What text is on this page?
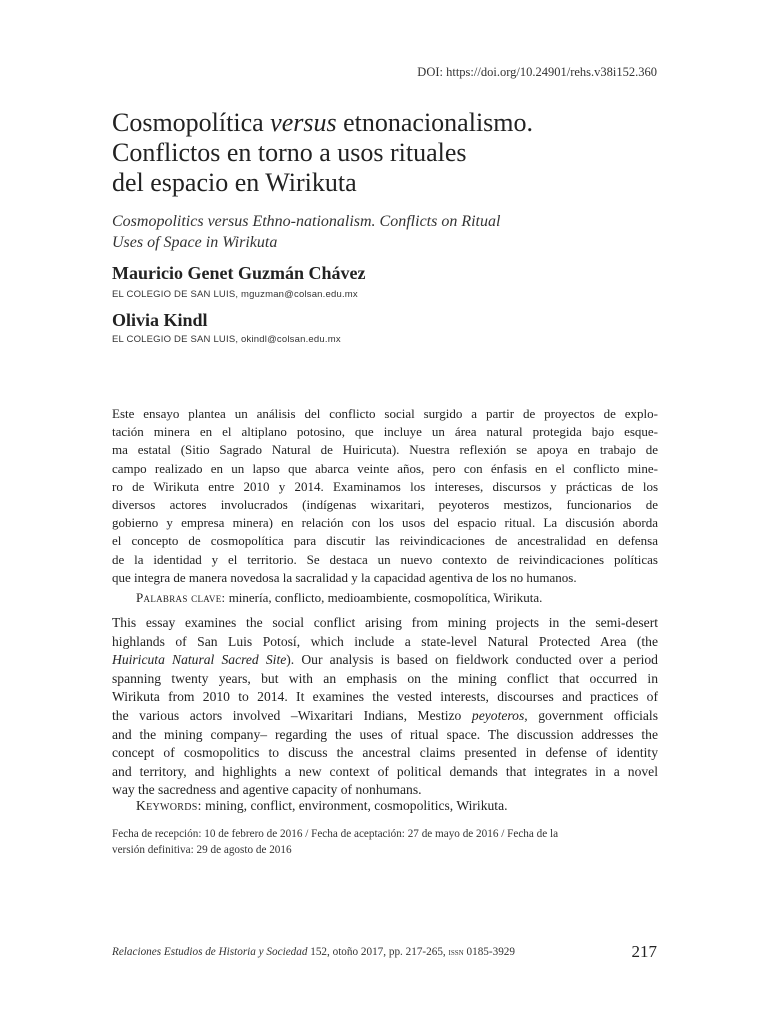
DOI: https://doi.org/10.24901/rehs.v38i152.360
Cosmopolítica versus etnonacionalismo.
Conflictos en torno a usos rituales
del espacio en Wirikuta
Cosmopolitics versus Ethno-nationalism. Conflicts on Ritual
Uses of Space in Wirikuta
Mauricio Genet Guzmán Chávez
EL COLEGIO DE SAN LUIS, mguzman@colsan.edu.mx
Olivia Kindl
EL COLEGIO DE SAN LUIS, okindl@colsan.edu.mx
Este ensayo plantea un análisis del conflicto social surgido a partir de proyectos de explo-
tación minera en el altiplano potosino, que incluye un área natural protegida bajo esque-
ma estatal (Sitio Sagrado Natural de Huiricuta). Nuestra reflexión se apoya en trabajo de
campo realizado en un lapso que abarca veinte años, pero con énfasis en el conflicto mine-
ro de Wirikuta entre 2010 y 2014. Examinamos los intereses, discursos y prácticas de los
diversos actores involucrados (indígenas wixaritari, peyoteros mestizos, funcionarios de
gobierno y empresa minera) en relación con los usos del espacio ritual. La discusión aborda
el concepto de cosmopolítica para discutir las reivindicaciones de ancestralidad en defensa
de la identidad y el territorio. Se destaca un nuevo contexto de reivindicaciones políticas
que integra de manera novedosa la sacralidad y la capacidad agentiva de los no humanos.
Palabras clave: minería, conflicto, medioambiente, cosmopolítica, Wirikuta.
This essay examines the social conflict arising from mining projects in the semi-desert
highlands of San Luis Potosí, which include a state-level Natural Protected Area (the
Huiricuta Natural Sacred Site). Our analysis is based on fieldwork conducted over a period
spanning twenty years, but with an emphasis on the mining conflict that occurred in
Wirikuta from 2010 to 2014. It examines the vested interests, discourses and practices of
the various actors involved –Wixaritari Indians, Mestizo peyoteros, government officials
and the mining company– regarding the uses of ritual space. The discussion addresses the
concept of cosmopolitics to discuss the ancestral claims presented in defense of identity
and territory, and highlights a new context of political demands that integrates in a novel
way the sacredness and agentive capacity of nonhumans.
Keywords: mining, conflict, environment, cosmopolitics, Wirikuta.
Fecha de recepción: 10 de febrero de 2016 / Fecha de aceptación: 27 de mayo de 2016 / Fecha de la
versión definitiva: 29 de agosto de 2016
Relaciones Estudios de Historia y Sociedad 152, otoño 2017, pp. 217-265, issn 0185-3929	217
